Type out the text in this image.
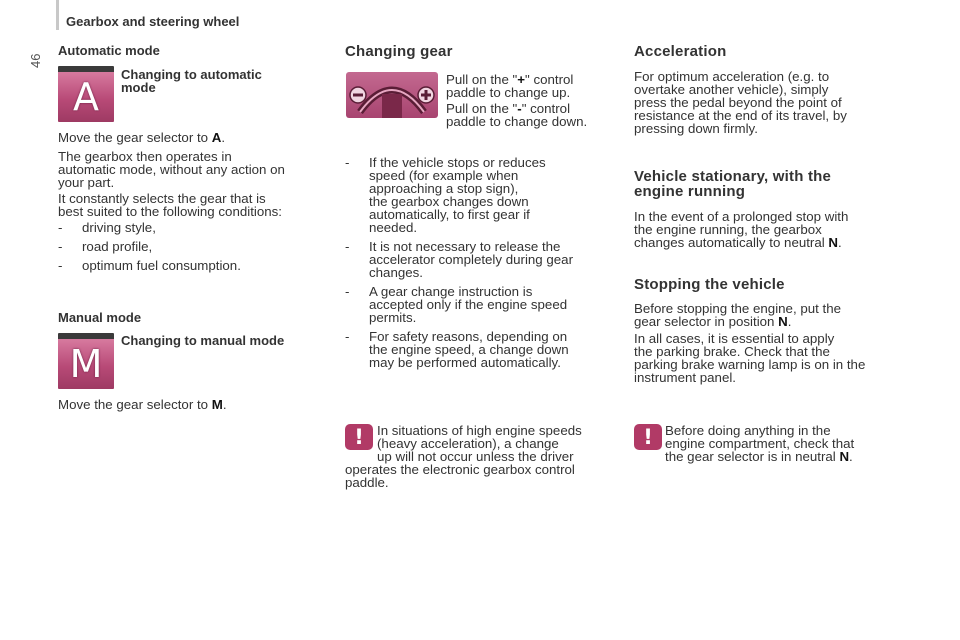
46
Gearbox and steering wheel
Automatic mode
A
Changing to automatic
mode
Move the gear selector to A.
The gearbox then operates in
automatic mode, without any action on
your part.
It constantly selects the gear that is
best suited to the following conditions:
- driving style,
- road profile,
- optimum fuel consumption.
Manual mode
M
Changing to manual mode
Move the gear selector to M.
Changing gear
Pull on the "+" control
paddle to change up.
Pull on the "-" control
paddle to change down.
- If the vehicle stops or reduces
speed (for example when
approaching a stop sign),
the gearbox changes down
automatically, to first gear if
needed.
- It is not necessary to release the
accelerator completely during gear
changes.
- A gear change instruction is
accepted only if the engine speed
permits.
- For safety reasons, depending on
the engine speed, a change down
may be performed automatically.
! In situations of high engine speeds
(heavy acceleration), a change
up will not occur unless the driver
operates the electronic gearbox control
paddle.
Acceleration
For optimum acceleration (e.g. to
overtake another vehicle), simply
press the pedal beyond the point of
resistance at the end of its travel, by
pressing down firmly.
Vehicle stationary, with the
engine running
In the event of a prolonged stop with
the engine running, the gearbox
changes automatically to neutral N.
Stopping the vehicle
Before stopping the engine, put the
gear selector in position N.
In all cases, it is essential to apply
the parking brake. Check that the
parking brake warning lamp is on in the
instrument panel.
! Before doing anything in the
engine compartment, check that
the gear selector is in neutral N.
